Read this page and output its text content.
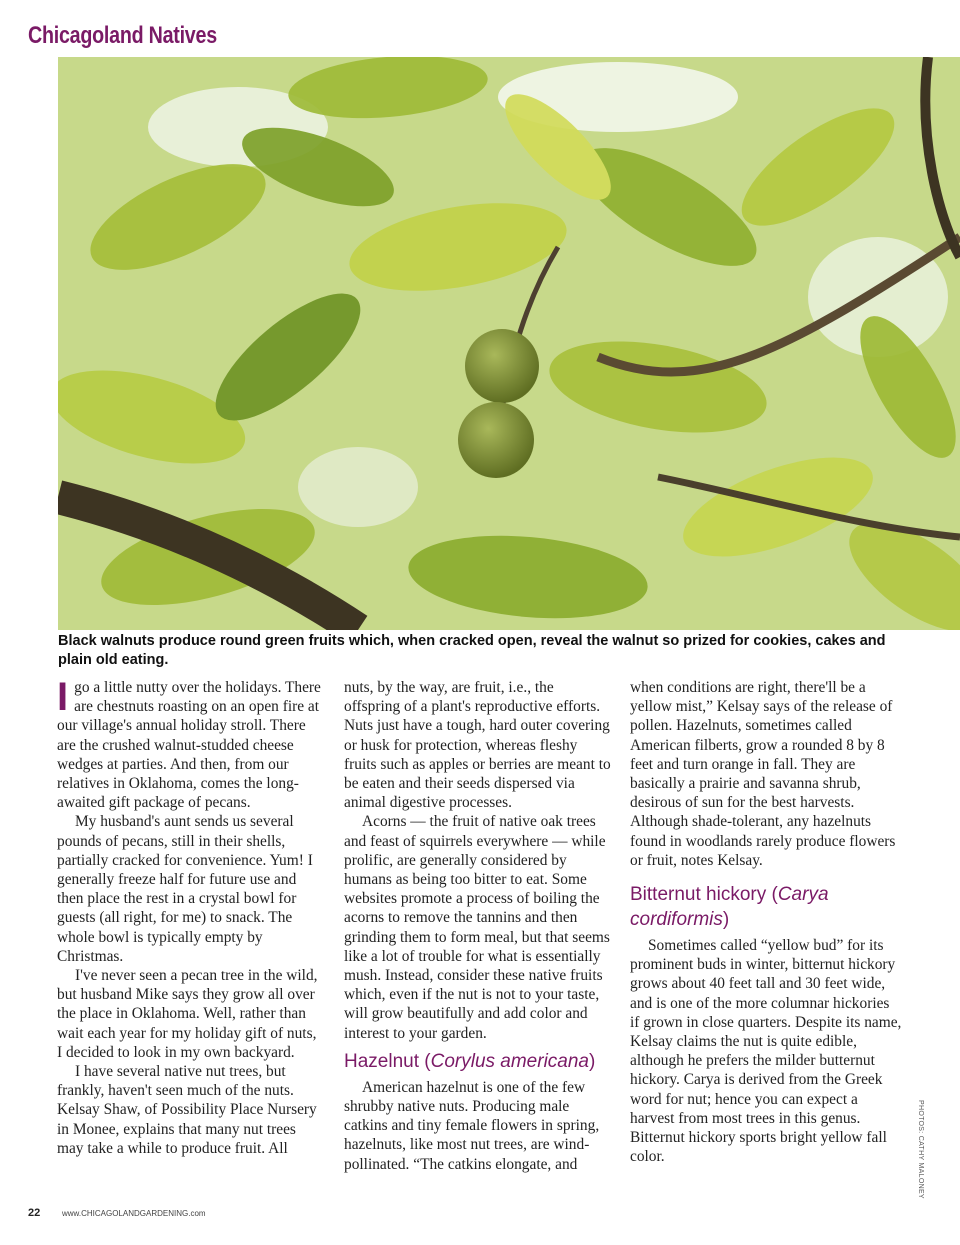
Chicagoland Natives
Black walnuts produce round green fruits which, when cracked open, reveal the walnut so prized for cookies, cakes and plain old eating.

Igo a little nutty over the holidays. There are chestnuts roasting on an open fire at our village's annual holiday stroll. There are the crushed walnut-studded cheese wedges at parties. And then, from our relatives in Oklahoma, comes the long-awaited gift package of pecans.

My husband's aunt sends us several pounds of pecans, still in their shells, partially cracked for convenience. Yum! I generally freeze half for future use and then place the rest in a crystal bowl for guests (all right, for me) to snack. The whole bowl is typically empty by Christmas.

I've never seen a pecan tree in the wild, but husband Mike says they grow all over the place in Oklahoma. Well, rather than wait each year for my holiday gift of nuts, I decided to look in my own backyard.

I have several native nut trees, but frankly, haven't seen much of the nuts. Kelsay Shaw, of Possibility Place Nursery in Monee, explains that many nut trees may take a while to produce fruit. All

nuts, by the way, are fruit, i.e., the offspring of a plant's reproductive efforts. Nuts just have a tough, hard outer covering or husk for protection, whereas fleshy fruits such as apples or berries are meant to be eaten and their seeds dispersed via animal digestive processes.

Acorns — the fruit of native oak trees and feast of squirrels everywhere — while prolific, are generally considered by humans as being too bitter to eat. Some websites promote a process of boiling the acorns to remove the tannins and then grinding them to form meal, but that seems like a lot of trouble for what is essentially mush. Instead, consider these native fruits which, even if the nut is not to your taste, will grow beautifully and add color and interest to your garden.

Hazelnut (Corylus americana)

American hazelnut is one of the few shrubby native nuts. Producing male catkins and tiny female flowers in spring, hazelnuts, like most nut trees, are wind-pollinated. “The catkins elongate, and

when conditions are right, there'll be a yellow mist,” Kelsay says of the release of pollen. Hazelnuts, sometimes called American filberts, grow a rounded 8 by 8 feet and turn orange in fall. They are basically a prairie and savanna shrub, desirous of sun for the best harvests. Although shade-tolerant, any hazelnuts found in woodlands rarely produce flowers or fruit, notes Kelsay.

Bitternut hickory (Carya cordiformis)

Sometimes called “yellow bud” for its prominent buds in winter, bitternut hickory grows about 40 feet tall and 30 feet wide, and is one of the more columnar hickories if grown in close quarters. Despite its name, Kelsay claims the nut is quite edible, although he prefers the milder butternut hickory. Carya is derived from the Greek word for nut; hence you can expect a harvest from most trees in this genus. Bitternut hickory sports bright yellow fall color.	PHOTOS: CATHY MALONEY
22	www.CHICAGOLANDGARDENING.com
